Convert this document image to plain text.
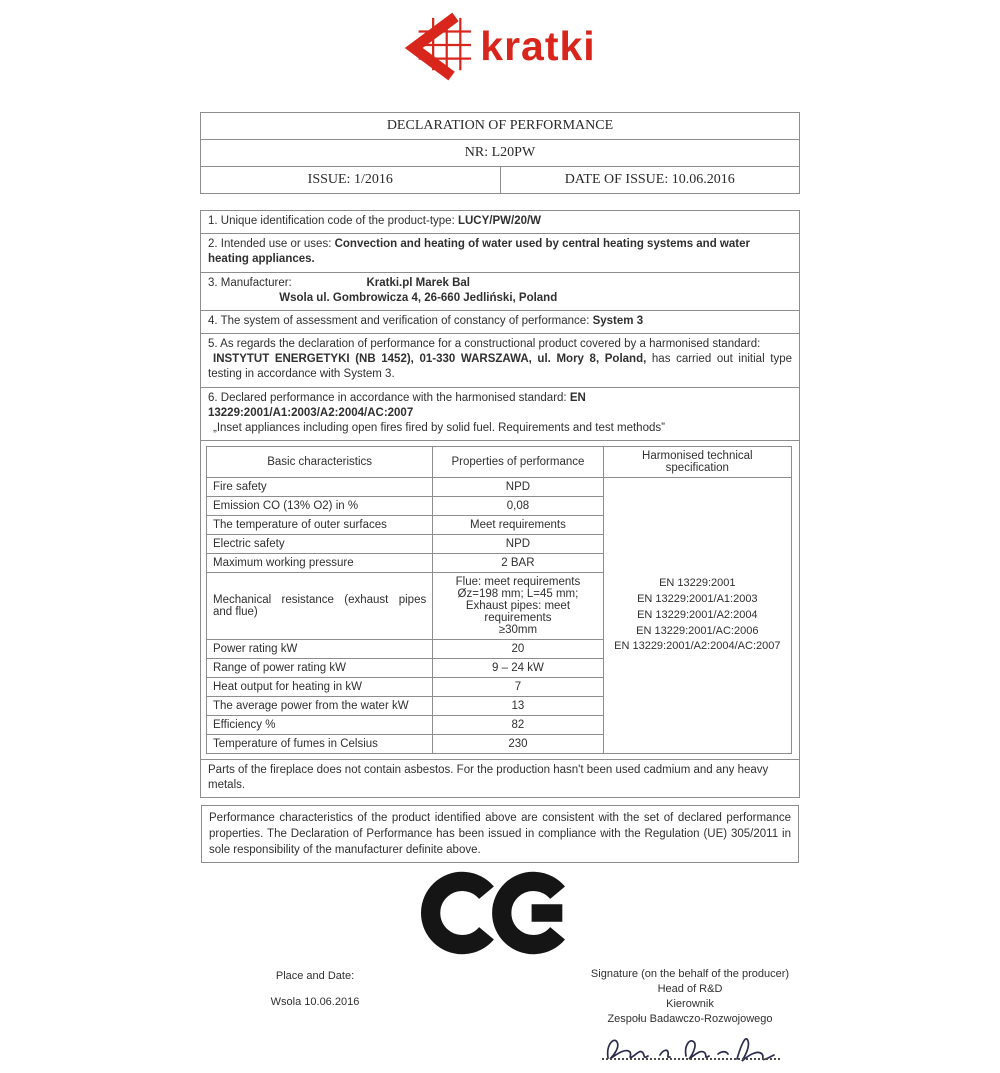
kratki
DECLARATION OF PERFORMANCE
NR: L20PW
ISSUE: 1/2016	DATE OF ISSUE: 10.06.2016
1. Unique identification code of the product-type: LUCY/PW/20/W
2. Intended use or uses: Convection and heating of water used by central heating systems and water heating appliances.
3. Manufacturer:	Kratki.pl Marek Bal
Wsola ul. Gombrowicza 4, 26-660 Jedliński, Poland
4. The system of assessment and verification of constancy of performance: System 3
5. As regards the declaration of performance for a constructional product covered by a harmonised standard:
INSTYTUT ENERGETYKI (NB 1452), 01-330 WARSZAWA, ul. Mory 8, Poland, has carried out initial type testing in accordance with System 3.
6. Declared performance in accordance with the harmonised standard: EN 13229:2001/A1:2003/A2:2004/AC:2007
„Inset appliances including open fires fired by solid fuel. Requirements and test methods”
Basic characteristics	Properties of performance	Harmonised technical specification
Fire safety	NPD	EN 13229:2001
EN 13229:2001/A1:2003
EN 13229:2001/A2:2004
EN 13229:2001/AC:2006
EN 13229:2001/A2:2004/AC:2007

Emission CO (13% O2) in %	0,08	
The temperature of outer surfaces	Meet requirements	
Electric safety	NPD	
Maximum working pressure	2 BAR	
Mechanical resistance (exhaust pipes and flue)	Flue: meet requirements
Øz=198 mm; L=45 mm;
Exhaust pipes: meet requirements
≥30mm	

Power rating kW	20	
Range of power rating kW	9 – 24 kW	
Heat output for heating in kW	7	
The average power from the water kW	13	
Efficiency %	82	
Temperature of fumes in Celsius	230	
Parts of the fireplace does not contain asbestos. For the production hasn't been used cadmium and any heavy metals.
Performance characteristics of the product identified above are consistent with the set of declared performance properties. The Declaration of Performance has been issued in compliance with the Regulation (UE) 305/2011 in sole responsibility of the manufacturer definite above.
Place and Date:
Wsola 10.06.2016
Signature (on the behalf of the producer)
Head of R&D
Kierownik
Zespołu Badawczo-Rozwojowego
